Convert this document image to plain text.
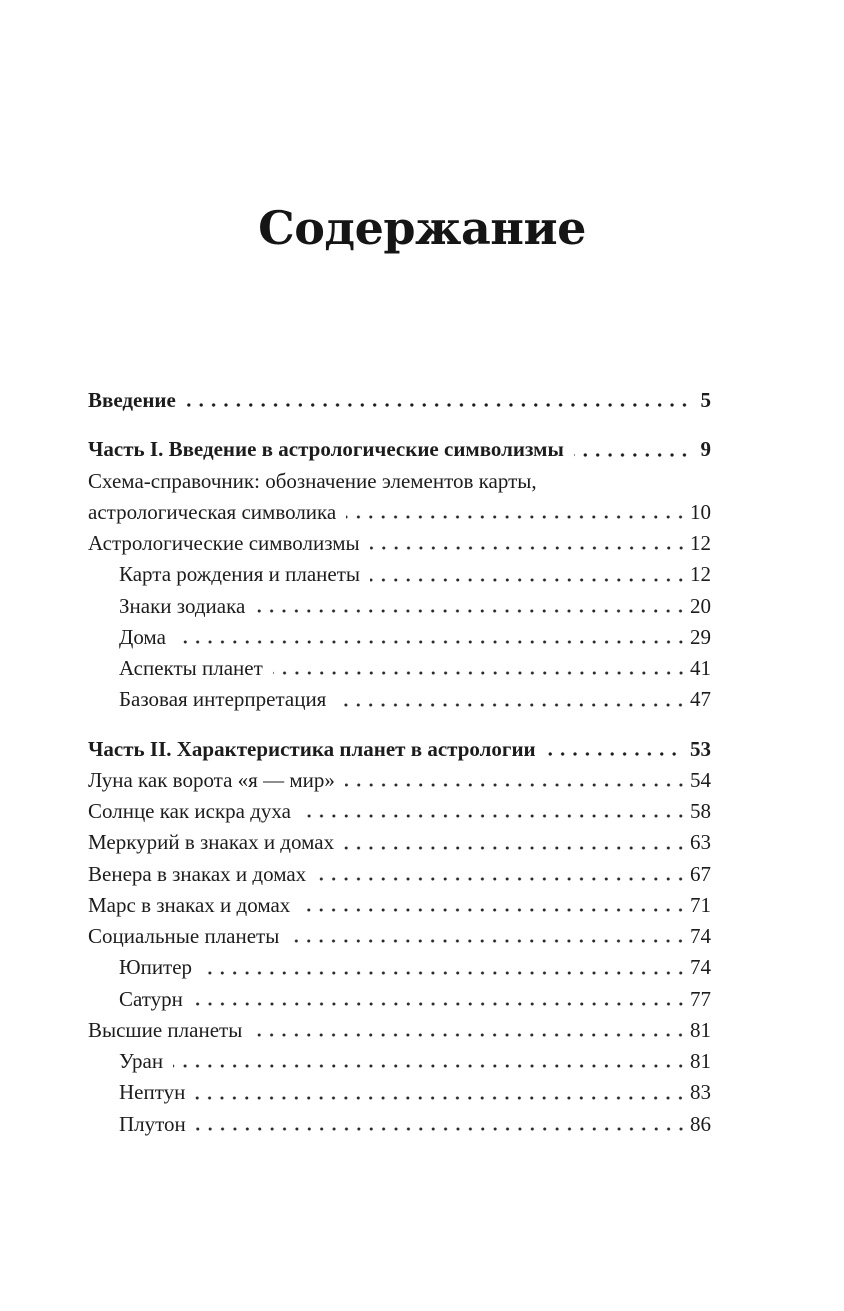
Содержание
Введение	5
Часть I. Введение в астрологические символизмы	9
Схема-справочник: обозначение элементов карты,
астрологическая символика	10
Астрологические символизмы	12
Карта рождения и планеты	12
Знаки зодиака	20
Дома	29
Аспекты планет	41
Базовая интерпретация	47
Часть II. Характеристика планет в астрологии	53
Луна как ворота «я — мир»	54
Солнце как искра духа	58
Меркурий в знаках и домах	63
Венера в знаках и домах	67
Марс в знаках и домах	71
Социальные планеты	74
Юпитер	74
Сатурн	77
Высшие планеты	81
Уран	81
Нептун	83
Плутон	86
